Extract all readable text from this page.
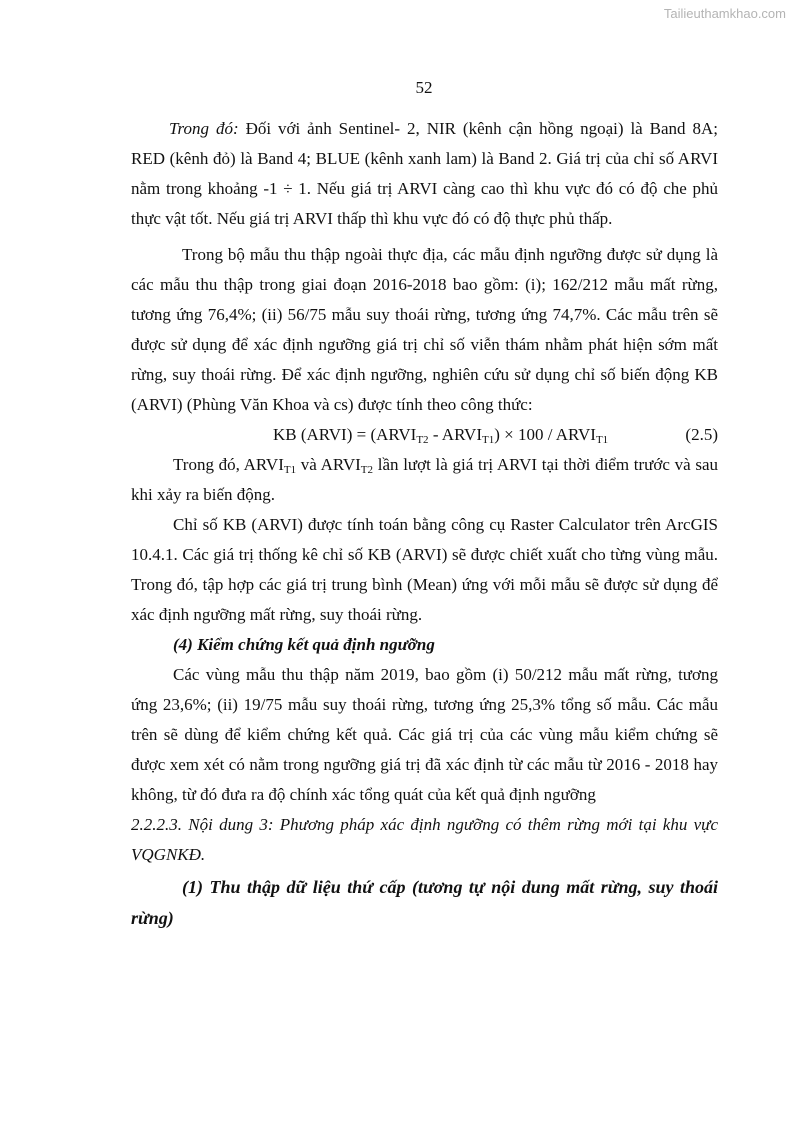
Tailieuthamkhao.com
52

Trong đó: Đối với ảnh Sentinel- 2, NIR (kênh cận hồng ngoại) là Band 8A; RED (kênh đỏ) là Band 4; BLUE (kênh xanh lam) là Band 2. Giá trị của chỉ số ARVI nằm trong khoảng -1 ÷ 1. Nếu giá trị ARVI càng cao thì khu vực đó có độ che phủ thực vật tốt. Nếu giá trị ARVI thấp thì khu vực đó có độ thực phủ thấp.

Trong bộ mẫu thu thập ngoài thực địa, các mẫu định ngưỡng được sử dụng là các mẫu thu thập trong giai đoạn 2016-2018 bao gồm: (i); 162/212 mẫu mất rừng, tương ứng 76,4%; (ii) 56/75 mẫu suy thoái rừng, tương ứng 74,7%. Các mẫu trên sẽ được sử dụng để xác định ngưỡng giá trị chỉ số viễn thám nhằm phát hiện sớm mất rừng, suy thoái rừng. Để xác định ngưỡng, nghiên cứu sử dụng chỉ số biến động KB (ARVI) (Phùng Văn Khoa và cs) được tính theo công thức:

KB (ARVI) = ($ARVI_{T2}$ - $ARVI_{T1}) \times 100$ / $ARVI_{T1}$	(2.5)

Trong đó, $ARVI_{T1}$ và $ARVI_{T2}$ lần lượt là giá trị ARVI tại thời điểm trước và sau khi xảy ra biến động.

Chỉ số KB (ARVI) được tính toán bằng công cụ Raster Calculator trên ArcGIS 10.4.1. Các giá trị thống kê chỉ số KB (ARVI) sẽ được chiết xuất cho từng vùng mẫu. Trong đó, tập hợp các giá trị trung bình (Mean) ứng với mỗi mẫu sẽ được sử dụng để xác định ngưỡng mất rừng, suy thoái rừng.

(4) Kiểm chứng kết quả định ngưỡng

Các vùng mẫu thu thập năm 2019, bao gồm (i) 50/212 mẫu mất rừng, tương ứng 23,6%; (ii) 19/75 mẫu suy thoái rừng, tương ứng 25,3% tổng số mẫu. Các mẫu trên sẽ dùng để kiểm chứng kết quả. Các giá trị của các vùng mẫu kiểm chứng sẽ được xem xét có nằm trong ngưỡng giá trị đã xác định từ các mẫu từ 2016 - 2018 hay không, từ đó đưa ra độ chính xác tổng quát của kết quả định ngưỡng

2.2.2.3. Nội dung 3: Phương pháp xác định ngưỡng có thêm rừng mới tại khu vực VQGNKĐ.

(1) Thu thập dữ liệu thứ cấp (tương tự nội dung mất rừng, suy thoái rừng)
